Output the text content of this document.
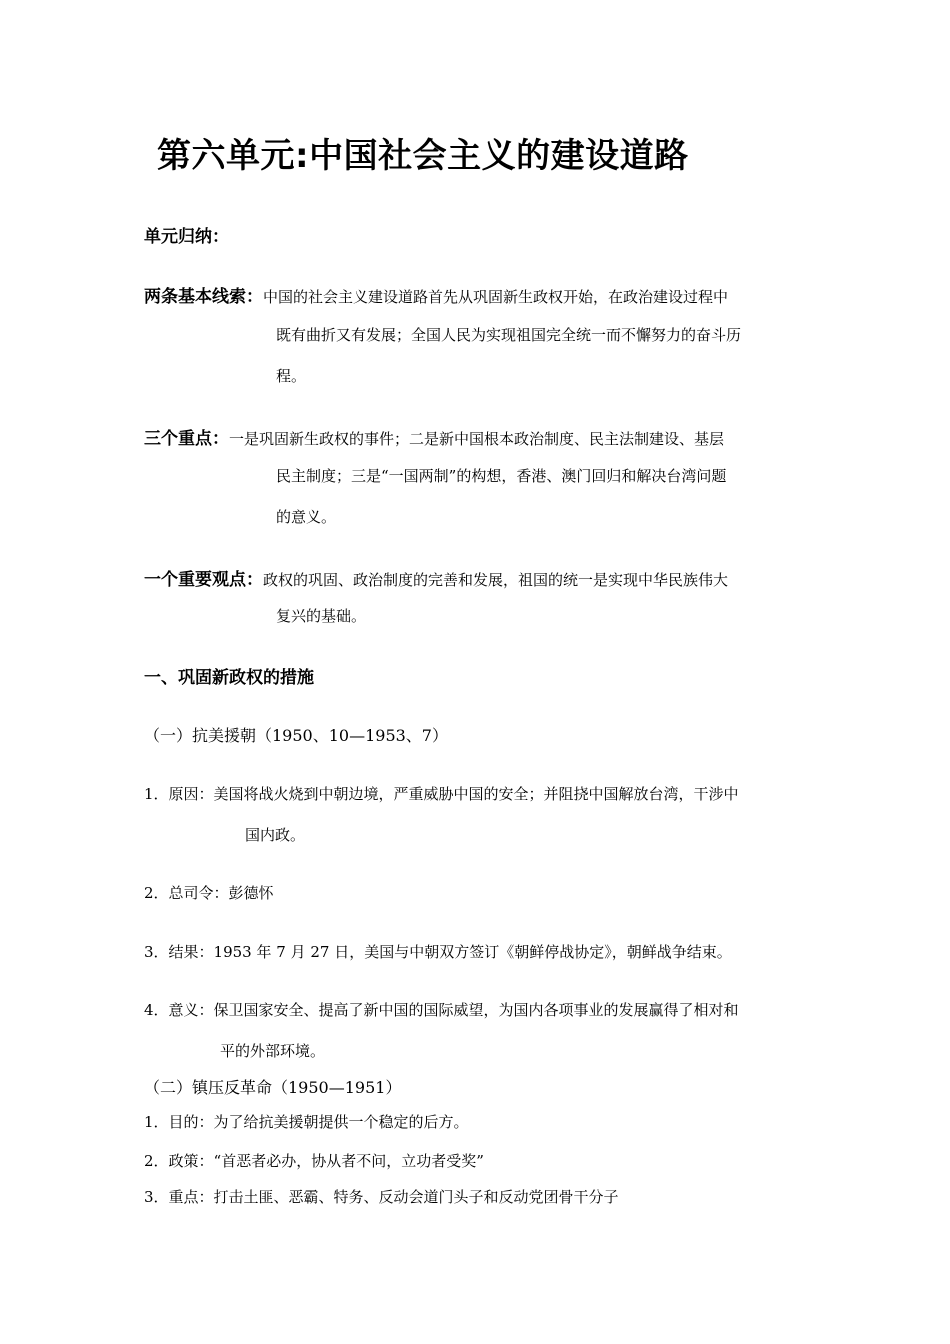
第六单元:中国社会主义的建设道路
单元归纳：
两条基本线索：中国的社会主义建设道路首先从巩固新生政权开始，在政治建设过程中
既有曲折又有发展；全国人民为实现祖国完全统一而不懈努力的奋斗历
程。
三个重点：一是巩固新生政权的事件；二是新中国根本政治制度、民主法制建设、基层
民主制度；三是“一国两制”的构想，香港、澳门回归和解决台湾问题
的意义。
一个重要观点：政权的巩固、政治制度的完善和发展，祖国的统一是实现中华民族伟大
复兴的基础。
一、巩固新政权的措施
（一）抗美援朝（1950、10—1953、7）
1．原因：美国将战火烧到中朝边境，严重威胁中国的安全；并阻挠中国解放台湾，干涉中
国内政。
2．总司令：彭德怀
3．结果：1953 年 7 月 27 日，美国与中朝双方签订《朝鲜停战协定》，朝鲜战争结束。
4．意义：保卫国家安全、提高了新中国的国际威望，为国内各项事业的发展赢得了相对和
平的外部环境。
（二）镇压反革命（1950—1951）
1．目的：为了给抗美援朝提供一个稳定的后方。
2．政策：“首恶者必办，协从者不问，立功者受奖”
3．重点：打击土匪、恶霸、特务、反动会道门头子和反动党团骨干分子
